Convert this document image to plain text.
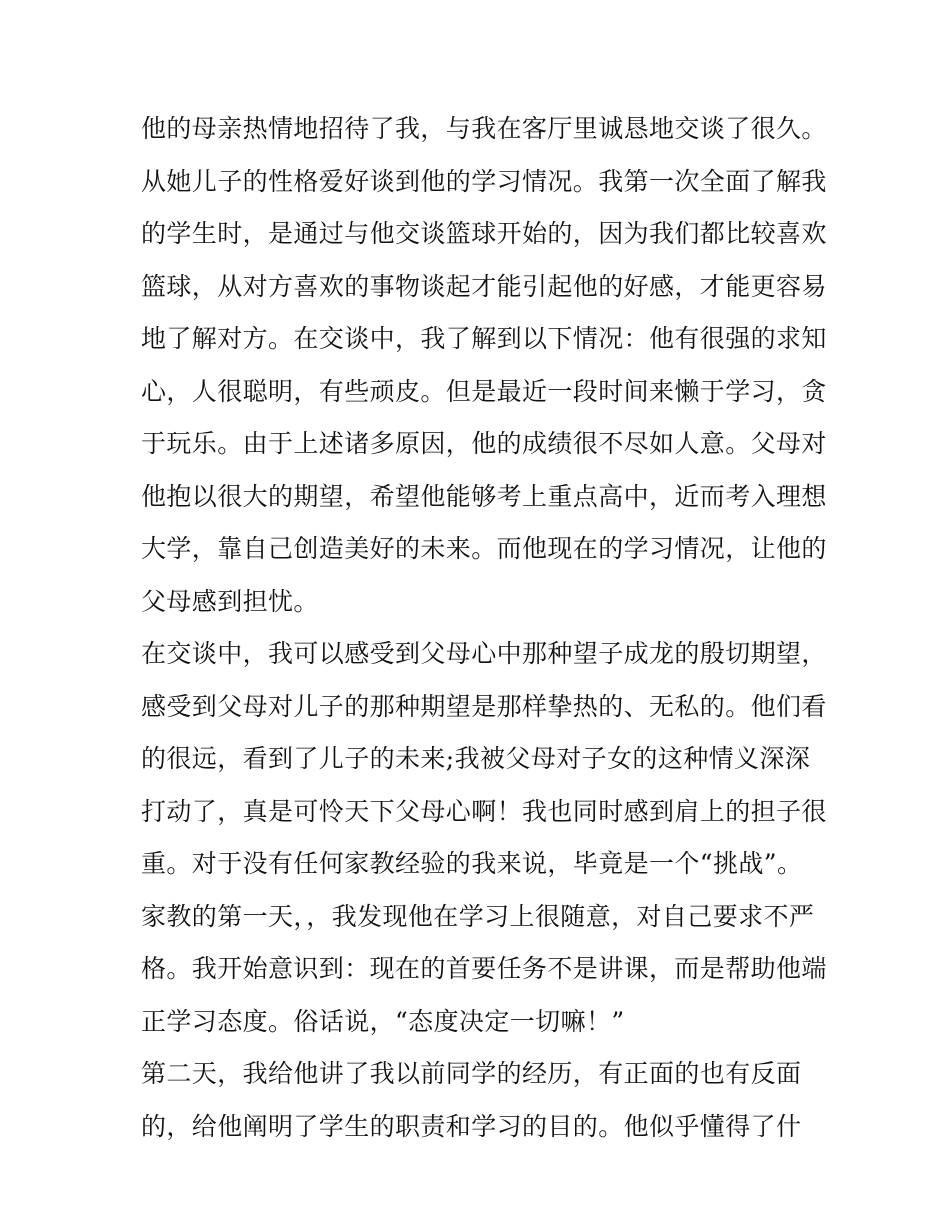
他的母亲热情地招待了我，与我在客厅里诚恳地交谈了很久。
从她儿子的性格爱好谈到他的学习情况。我第一次全面了解我
的学生时，是通过与他交谈篮球开始的，因为我们都比较喜欢
篮球，从对方喜欢的事物谈起才能引起他的好感，才能更容易
地了解对方。在交谈中，我了解到以下情况：他有很强的求知
心，人很聪明，有些顽皮。但是最近一段时间来懒于学习，贪
于玩乐。由于上述诸多原因，他的成绩很不尽如人意。父母对
他抱以很大的期望，希望他能够考上重点高中，近而考入理想
大学，靠自己创造美好的未来。而他现在的学习情况，让他的
父母感到担忧。
在交谈中，我可以感受到父母心中那种望子成龙的殷切期望，
感受到父母对儿子的那种期望是那样挚热的、无私的。他们看
的很远，看到了儿子的未来;我被父母对子女的这种情义深深
打动了，真是可怜天下父母心啊！我也同时感到肩上的担子很
重。对于没有任何家教经验的我来说，毕竟是一个“挑战”。
家教的第一天，，我发现他在学习上很随意，对自己要求不严
格。我开始意识到：现在的首要任务不是讲课，而是帮助他端
正学习态度。俗话说，“态度决定一切嘛！”
第二天，我给他讲了我以前同学的经历，有正面的也有反面
的，给他阐明了学生的职责和学习的目的。他似乎懂得了什
